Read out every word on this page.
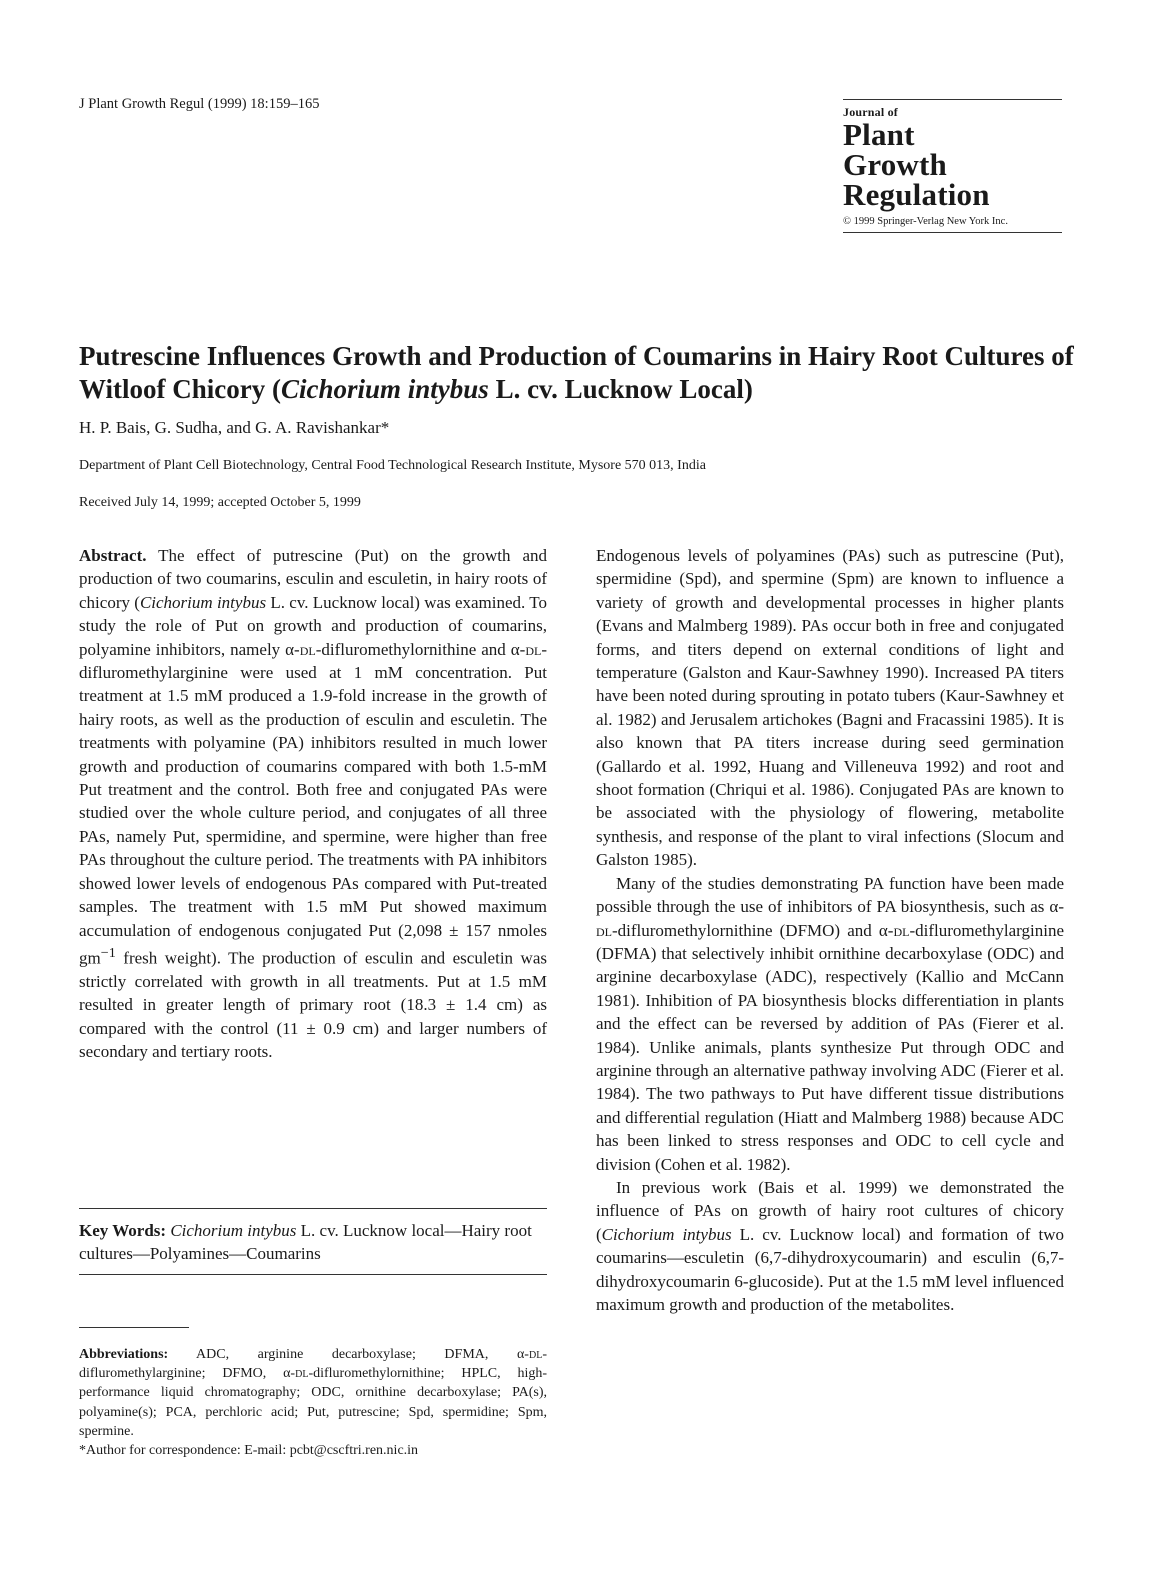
J Plant Growth Regul (1999) 18:159–165	Journal of
Plant
Growth
Regulation
© 1999 Springer-Verlag New York Inc.
Putrescine Influences Growth and Production of Coumarins in Hairy Root Cultures of Witloof Chicory (Cichorium intybus L. cv. Lucknow Local)
H. P. Bais, G. Sudha, and G. A. Ravishankar*
Department of Plant Cell Biotechnology, Central Food Technological Research Institute, Mysore 570 013, India
Received July 14, 1999; accepted October 5, 1999

Abstract. The effect of putrescine (Put) on the growth and production of two coumarins, esculin and esculetin, in hairy roots of chicory (Cichorium intybus L. cv. Lucknow local) was examined. To study the role of Put on growth and production of coumarins, polyamine inhibitors, namely α-dl-difluromethylornithine and α-dl-difluromethylarginine were used at 1 mM concentration. Put treatment at 1.5 mM produced a 1.9-fold increase in the growth of hairy roots, as well as the production of esculin and esculetin. The treatments with polyamine (PA) inhibitors resulted in much lower growth and production of coumarins compared with both 1.5-mM Put treatment and the control. Both free and conjugated PAs were studied over the whole culture period, and conjugates of all three PAs, namely Put, spermidine, and spermine, were higher than free PAs throughout the culture period. The treatments with PA inhibitors showed lower levels of endogenous PAs compared with Put-treated samples. The treatment with 1.5 mM Put showed maximum accumulation of endogenous conjugated Put (2,098 ± 157 nmoles $gm^{-1}$ fresh weight). The production of esculin and esculetin was strictly correlated with growth in all treatments. Put at 1.5 mM resulted in greater length of primary root (18.3 ± 1.4 cm) as compared with the control (11 ± 0.9 cm) and larger numbers of secondary and tertiary roots.

Key Words: Cichorium intybus L. cv. Lucknow local—Hairy root cultures—Polyamines—Coumarins

Abbreviations: ADC, arginine decarboxylase; DFMA, α-dl-difluromethylarginine; DFMO, α-dl-difluromethylornithine; HPLC, high-performance liquid chromatography; ODC, ornithine decarboxylase; PA(s), polyamine(s); PCA, perchloric acid; Put, putrescine; Spd, spermidine; Spm, spermine.

*Author for correspondence: E-mail: pcbt@cscftri.ren.nic.in

Endogenous levels of polyamines (PAs) such as putrescine (Put), spermidine (Spd), and spermine (Spm) are known to influence a variety of growth and developmental processes in higher plants (Evans and Malmberg 1989). PAs occur both in free and conjugated forms, and titers depend on external conditions of light and temperature (Galston and Kaur-Sawhney 1990). Increased PA titers have been noted during sprouting in potato tubers (Kaur-Sawhney et al. 1982) and Jerusalem artichokes (Bagni and Fracassini 1985). It is also known that PA titers increase during seed germination (Gallardo et al. 1992, Huang and Villeneuva 1992) and root and shoot formation (Chriqui et al. 1986). Conjugated PAs are known to be associated with the physiology of flowering, metabolite synthesis, and response of the plant to viral infections (Slocum and Galston 1985).

Many of the studies demonstrating PA function have been made possible through the use of inhibitors of PA biosynthesis, such as α-dl-difluromethylornithine (DFMO) and α-dl-difluromethylarginine (DFMA) that selectively inhibit ornithine decarboxylase (ODC) and arginine decarboxylase (ADC), respectively (Kallio and McCann 1981). Inhibition of PA biosynthesis blocks differentiation in plants and the effect can be reversed by addition of PAs (Fierer et al. 1984). Unlike animals, plants synthesize Put through ODC and arginine through an alternative pathway involving ADC (Fierer et al. 1984). The two pathways to Put have different tissue distributions and differential regulation (Hiatt and Malmberg 1988) because ADC has been linked to stress responses and ODC to cell cycle and division (Cohen et al. 1982).

In previous work (Bais et al. 1999) we demonstrated the influence of PAs on growth of hairy root cultures of chicory (Cichorium intybus L. cv. Lucknow local) and formation of two coumarins—esculetin (6,7-dihydroxycoumarin) and esculin (6,7-dihydroxycoumarin 6-glucoside). Put at the 1.5 mM level influenced maximum growth and production of the metabolites.
